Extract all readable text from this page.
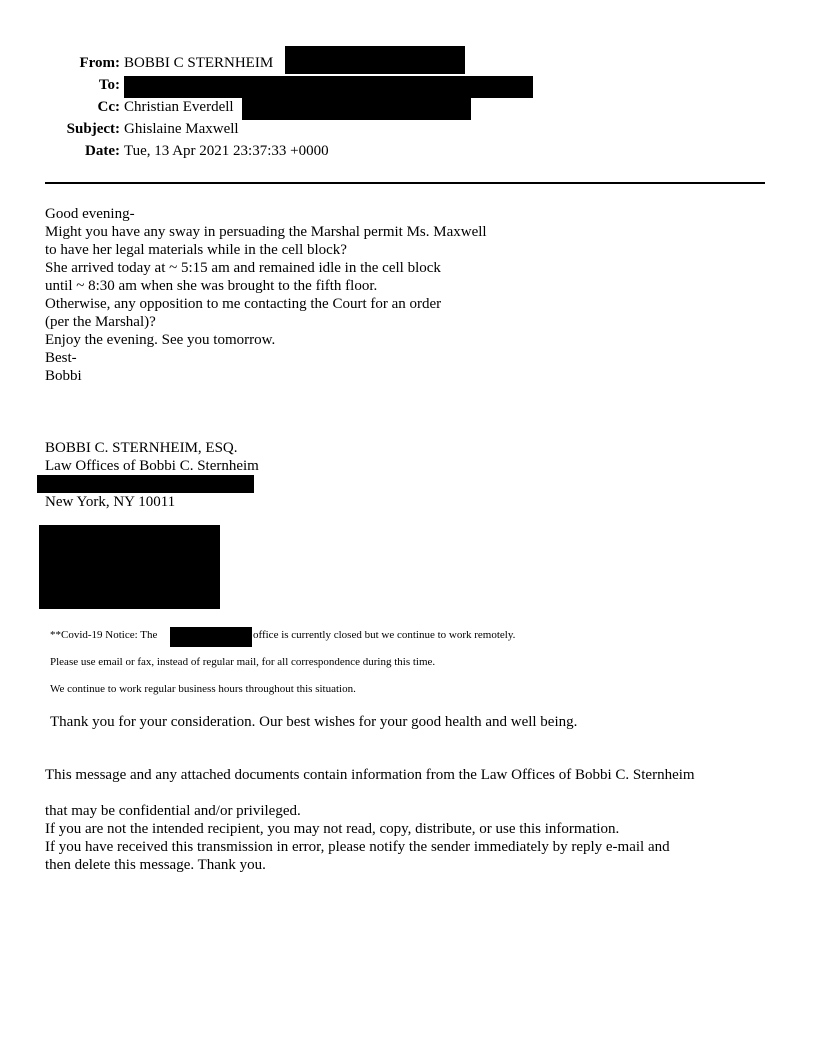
From: BOBBI C STERNHEIM
To:
Cc: Christian Everdell
Subject: Ghislaine Maxwell
Date: Tue, 13 Apr 2021 23:37:33 +0000
Good evening-
Might you have any sway in persuading the Marshal permit Ms. Maxwell
to have her legal materials while in the cell block?
She arrived today at ~ 5:15 am and remained idle in the cell block
until ~ 8:30 am when she was brought to the fifth floor.
Otherwise, any opposition to me contacting the Court for an order
(per the Marshal)?
Enjoy the evening. See you tomorrow.
Best-
Bobbi
BOBBI C. STERNHEIM, ESQ.
Law Offices of Bobbi C. Sternheim
New York, NY 10011
**Covid-19 Notice: The	office is currently closed but we continue to work remotely.
Please use email or fax, instead of regular mail, for all correspondence during this time.
We continue to work regular business hours throughout this situation.
Thank you for your consideration. Our best wishes for your good health and well being.
This message and any attached documents contain information from the Law Offices of Bobbi C. Sternheim
that may be confidential and/or privileged.
If you are not the intended recipient, you may not read, copy, distribute, or use this information.
If you have received this transmission in error, please notify the sender immediately by reply e-mail and
then delete this message. Thank you.
